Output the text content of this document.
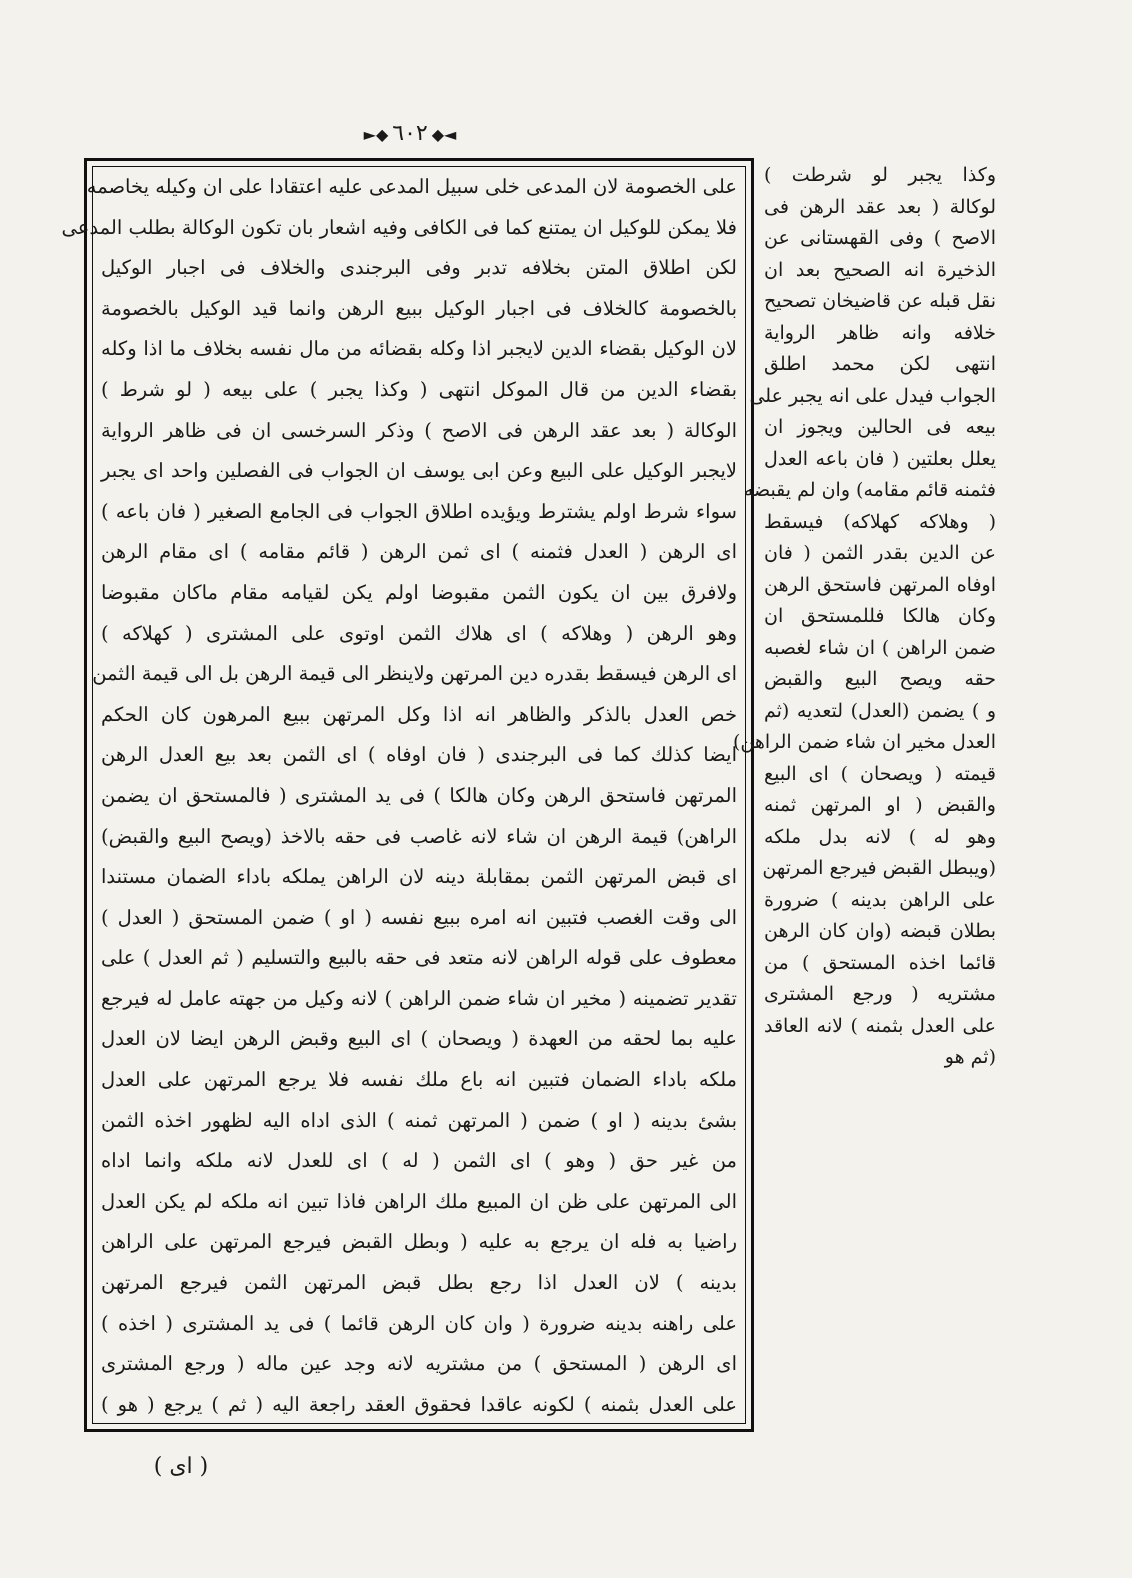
◄◆٦٠٢◆►
على الخصومة لان المدعى خلى سبيل المدعى عليه اعتقادا على ان وكيله يخاصمه
فلا يمكن للوكيل ان يمتنع كما فى الكافى وفيه اشعار بان تكون الوكالة بطلب المدعى
لكن اطلاق المتن بخلافه تدبر وفى البرجندى والخلاف فى اجبار الوكيل
بالخصومة كالخلاف فى اجبار الوكيل ببيع الرهن وانما قيد الوكيل بالخصومة
لان الوكيل بقضاء الدين لايجبر اذا وكله بقضائه من مال نفسه بخلاف ما اذا وكله
بقضاء الدين من قال الموكل انتهى ( وكذا يجبر ) على بيعه ( لو شرط )
الوكالة ( بعد عقد الرهن فى الاصح ) وذكر السرخسى ان فى ظاهر الرواية
لايجبر الوكيل على البيع وعن ابى يوسف ان الجواب فى الفصلين واحد اى يجبر
سواء شرط اولم يشترط ويؤيده اطلاق الجواب فى الجامع الصغير ( فان باعه )
اى الرهن ( العدل فثمنه ) اى ثمن الرهن ( قائم مقامه ) اى مقام الرهن
ولافرق بين ان يكون الثمن مقبوضا اولم يكن لقيامه مقام ماكان مقبوضا
وهو الرهن ( وهلاكه ) اى هلاك الثمن اوتوى على المشترى ( كهلاكه )
اى الرهن فيسقط بقدره دين المرتهن ولاينظر الى قيمة الرهن بل الى قيمة الثمن
خص العدل بالذكر والظاهر انه اذا وكل المرتهن ببيع المرهون كان الحكم
ايضا كذلك كما فى البرجندى ( فان اوفاه ) اى الثمن بعد بيع العدل الرهن
المرتهن فاستحق الرهن وكان هالكا ) فى يد المشترى ( فالمستحق ان يضمن
الراهن) قيمة الرهن ان شاء لانه غاصب فى حقه بالاخذ (ويصح البيع والقبض)
اى قبض المرتهن الثمن بمقابلة دينه لان الراهن يملكه باداء الضمان مستندا
الى وقت الغصب فتبين انه امره ببيع نفسه ( او ) ضمن المستحق ( العدل )
معطوف على قوله الراهن لانه متعد فى حقه بالبيع والتسليم ( ثم العدل ) على
تقدير تضمينه ( مخير ان شاء ضمن الراهن ) لانه وكيل من جهته عامل له فيرجع
عليه بما لحقه من العهدة ( ويصحان ) اى البيع وقبض الرهن ايضا لان العدل
ملكه باداء الضمان فتبين انه باع ملك نفسه فلا يرجع المرتهن على العدل
بشئ بدينه ( او ) ضمن ( المرتهن ثمنه ) الذى اداه اليه لظهور اخذه الثمن
من غير حق ( وهو ) اى الثمن ( له ) اى للعدل لانه ملكه وانما اداه
الى المرتهن على ظن ان المبيع ملك الراهن فاذا تبين انه ملكه لم يكن العدل
راضيا به فله ان يرجع به عليه ( وبطل القبض فيرجع المرتهن على الراهن
بدينه ) لان العدل اذا رجع بطل قبض المرتهن الثمن فيرجع المرتهن
على راهنه بدينه ضرورة ( وان كان الرهن قائما ) فى يد المشترى ( اخذه )
اى الرهن ( المستحق ) من مشتريه لانه وجد عين ماله ( ورجع المشترى
على العدل بثمنه ) لكونه عاقدا فحقوق العقد راجعة اليه ( ثم ) يرجع ( هو )
وكذا يجبر لو شرطت )
لوكالة ( بعد عقد الرهن فى
الاصح ) وفى القهستانى عن
الذخيرة انه الصحيح بعد ان
نقل قبله عن قاضيخان تصحيح
خلافه وانه ظاهر الرواية
انتهى لكن محمد اطلق
الجواب فيدل على انه يجبر على
بيعه فى الحالين ويجوز ان
يعلل بعلتين ( فان باعه العدل
فثمنه قائم مقامه) وان لم يقبضه
( وهلاكه كهلاكه) فيسقط
عن الدين بقدر الثمن ( فان
اوفاه المرتهن فاستحق الرهن
وكان هالكا فللمستحق ان
ضمن الراهن ) ان شاء لغصبه
حقه ويصح البيع والقبض
و ) يضمن (العدل) لتعديه (ثم
العدل مخير ان شاء ضمن الراهن)
قيمته ( ويصحان ) اى البيع
والقبض ( او المرتهن ثمنه
وهو له ) لانه بدل ملكه
(ويبطل القبض فيرجع المرتهن
على الراهن بدينه ) ضرورة
بطلان قبضه (وان كان الرهن
قائما اخذه المستحق ) من
مشتريه ( ورجع المشترى
على العدل بثمنه ) لانه العاقد
(ثم هو
( اى )
